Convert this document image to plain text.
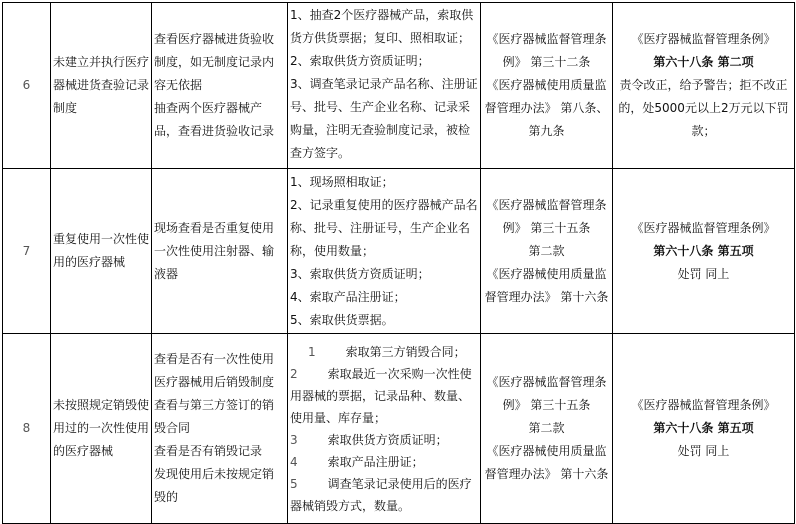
6	未建立并执行医疗器械进货查验记录制度	查看医疗器械进货验收制度，如无制度记录内容无依据
抽查两个医疗器械产品，查看进货验收记录	1、抽查2个医疗器械产品，索取供货方供货票据；复印、照相取证；
2、索取供货方资质证明；
3、调查笔录记录产品名称、注册证号、批号、生产企业名称、记录采购量，注明无查验制度记录，被检查方签字。	《医疗器械监督管理条例》 第三十二条
《医疗器械使用质量监督管理办法》 第八条、第九条	《医疗器械监督管理条例》
第六十八条 第二项
责令改正，给予警告；拒不改正的，处5000元以上2万元以下罚款；

7	重复使用一次性使用的医疗器械	现场查看是否重复使用一次性使用注射器、输液器	1、现场照相取证；
2、记录重复使用的医疗器械产品名称、批号、注册证号，生产企业名称，使用数量；
3、索取供货方资质证明；
4、索取产品注册证；
5、索取供货票据。	《医疗器械监督管理条例》 第三十五条
第二款
《医疗器械使用质量监督管理办法》 第十六条	《医疗器械监督管理条例》
第六十八条 第五项
处罚 同上

8	未按照规定销毁使用过的一次性使用的医疗器械	查看是否有一次性使用医疗器械用后销毁制度
查看与第三方签订的销毁合同
查看是否有销毁记录
发现使用后未按规定销毁的	1 索取第三方销毁合同；
2 索取最近一次采购一次性使用器械的票据，记录品种、数量、使用量、库存量；
3 索取供货方资质证明；
4 索取产品注册证；
5 调查笔录记录使用后的医疗器械销毁方式，数量。	《医疗器械监督管理条例》 第三十五条
第二款
《医疗器械使用质量监督管理办法》 第十六条	《医疗器械监督管理条例》
第六十八条 第五项
处罚 同上
